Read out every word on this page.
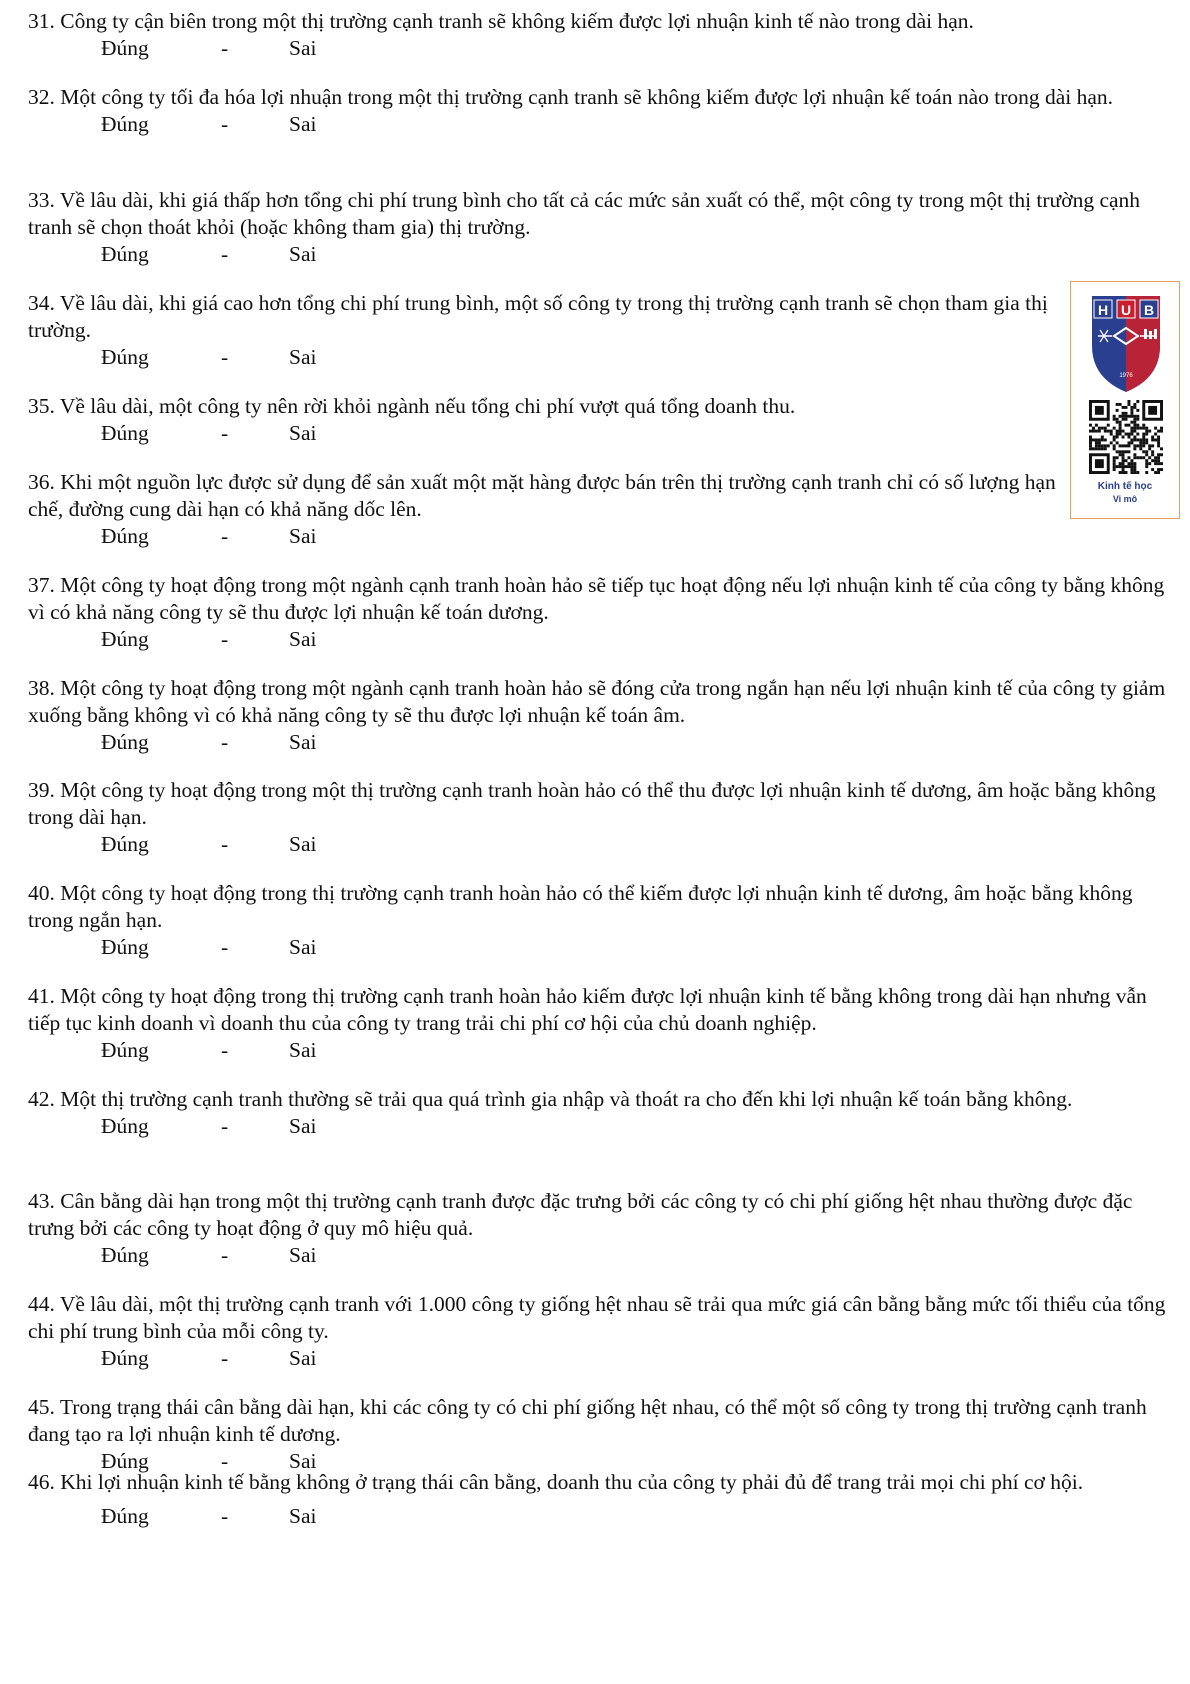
31. Công ty cận biên trong một thị trường cạnh tranh sẽ không kiếm được lợi nhuận kinh tế nào trong dài hạn.

Đúng	-	Sai

32. Một công ty tối đa hóa lợi nhuận trong một thị trường cạnh tranh sẽ không kiếm được lợi nhuận kế toán nào trong dài hạn.

Đúng	-	Sai

33. Về lâu dài, khi giá thấp hơn tổng chi phí trung bình cho tất cả các mức sản xuất có thể, một công ty trong một thị trường cạnh tranh sẽ chọn thoát khỏi (hoặc không tham gia) thị trường.

Đúng	-	Sai

34. Về lâu dài, khi giá cao hơn tổng chi phí trung bình, một số công ty trong thị trường cạnh tranh sẽ chọn tham gia thị trường.

Đúng	-	Sai

35. Về lâu dài, một công ty nên rời khỏi ngành nếu tổng chi phí vượt quá tổng doanh thu.

Đúng	-	Sai

36. Khi một nguồn lực được sử dụng để sản xuất một mặt hàng được bán trên thị trường cạnh tranh chỉ có số lượng hạn chế, đường cung dài hạn có khả năng dốc lên.

Đúng	-	Sai

37. Một công ty hoạt động trong một ngành cạnh tranh hoàn hảo sẽ tiếp tục hoạt động nếu lợi nhuận kinh tế của công ty bằng không vì có khả năng công ty sẽ thu được lợi nhuận kế toán dương.

Đúng	-	Sai

38. Một công ty hoạt động trong một ngành cạnh tranh hoàn hảo sẽ đóng cửa trong ngắn hạn nếu lợi nhuận kinh tế của công ty giảm xuống bằng không vì có khả năng công ty sẽ thu được lợi nhuận kế toán âm.

Đúng	-	Sai

39. Một công ty hoạt động trong một thị trường cạnh tranh hoàn hảo có thể thu được lợi nhuận kinh tế dương, âm hoặc bằng không trong dài hạn.

Đúng	-	Sai

40. Một công ty hoạt động trong thị trường cạnh tranh hoàn hảo có thể kiếm được lợi nhuận kinh tế dương, âm hoặc bằng không trong ngắn hạn.

Đúng	-	Sai

41. Một công ty hoạt động trong thị trường cạnh tranh hoàn hảo kiếm được lợi nhuận kinh tế bằng không trong dài hạn nhưng vẫn tiếp tục kinh doanh vì doanh thu của công ty trang trải chi phí cơ hội của chủ doanh nghiệp.

Đúng	-	Sai

42. Một thị trường cạnh tranh thường sẽ trải qua quá trình gia nhập và thoát ra cho đến khi lợi nhuận kế toán bằng không.

Đúng	-	Sai

43. Cân bằng dài hạn trong một thị trường cạnh tranh được đặc trưng bởi các công ty có chi phí giống hệt nhau thường được đặc trưng bởi các công ty hoạt động ở quy mô hiệu quả.

Đúng	-	Sai

44. Về lâu dài, một thị trường cạnh tranh với 1.000 công ty giống hệt nhau sẽ trải qua mức giá cân bằng bằng mức tối thiểu của tổng chi phí trung bình của mỗi công ty.

Đúng	-	Sai

45. Trong trạng thái cân bằng dài hạn, khi các công ty có chi phí giống hệt nhau, có thể một số công ty trong thị trường cạnh tranh đang tạo ra lợi nhuận kinh tế dương.

Đúng	-	Sai

46. Khi lợi nhuận kinh tế bằng không ở trạng thái cân bằng, doanh thu của công ty phải đủ để trang trải mọi chi phí cơ hội.

Đúng	-	Sai
H U B
1976
Kinh tế học
Vi mô
